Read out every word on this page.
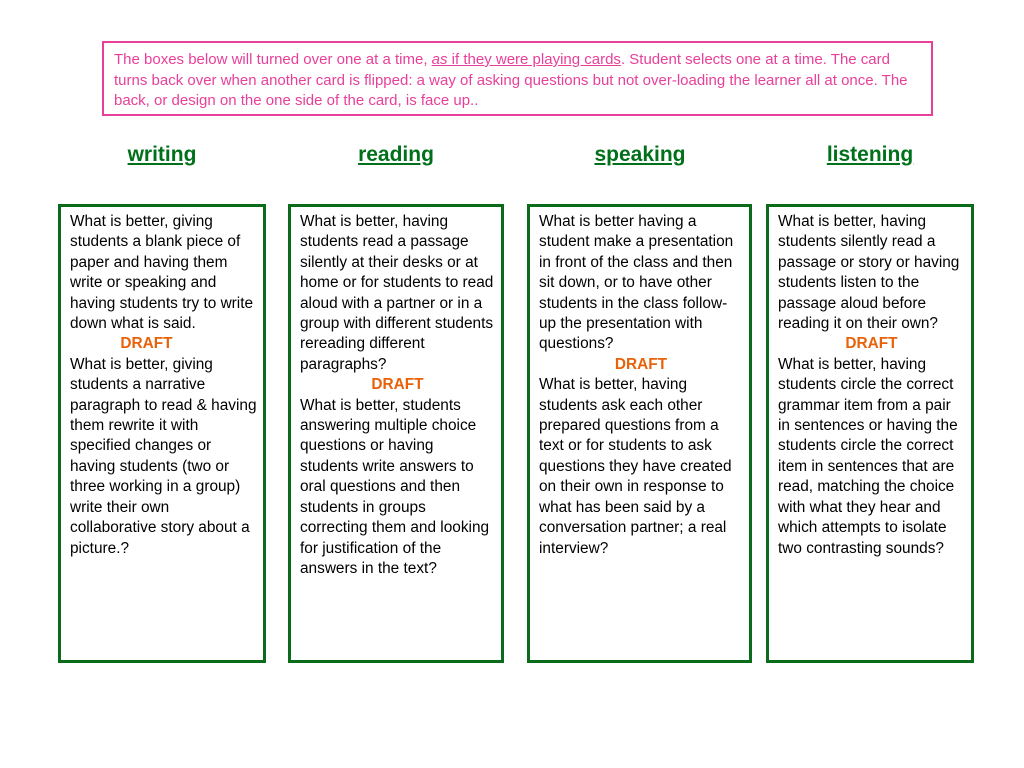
The boxes below will turned over one at a time, as if they were playing cards. Student selects one at a time. The card turns back over when another card is flipped: a way of asking questions but not over-loading the learner all at once. The back, or design on the one side of the card, is face up..
writing	reading	speaking	listening

What is better, giving students a blank piece of paper and having them write or speaking and having students try to write down what is said.

DRAFT

What is better, giving students a narrative paragraph to read & having them rewrite it with specified changes or having students (two or three working in a group) write their own collaborative story about a picture.?

What is better, having students read a passage silently at their desks or at home or for students to read aloud with a partner or in a group with different students rereading different paragraphs?

DRAFT

What is better, students answering multiple choice questions or having students write answers to oral questions and then students in groups correcting them and looking for justification of the answers in the text?

What is better having a student make a presentation in front of the class and then sit down, or to have other students in the class follow-up the presentation with questions?

DRAFT

What is better, having students ask each other prepared questions from a text or for students to ask questions they have created on their own in response to what has been said by a conversation partner; a real interview?

What is better, having students silently read a passage or story or having students listen to the passage aloud before reading it on their own?

DRAFT

What is better, having students circle the correct grammar item from a pair in sentences or having the students circle the correct item in sentences that are read, matching the choice with what they hear and which attempts to isolate two contrasting sounds?
